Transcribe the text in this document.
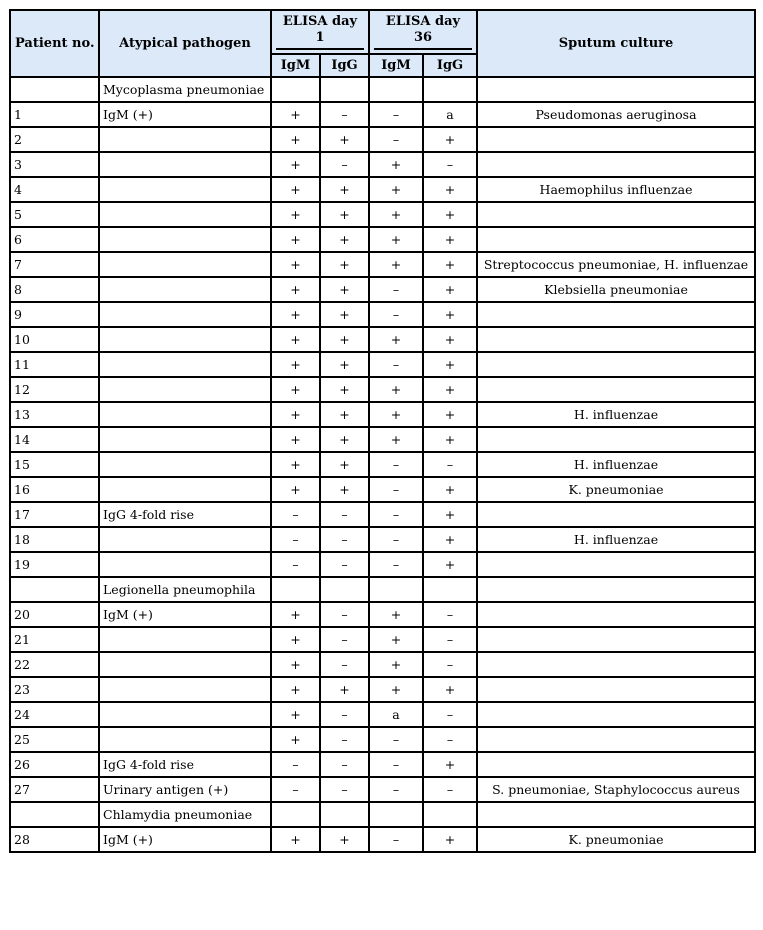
Patient no.	Atypical pathogen	ELISA day 1		ELISA day 36		Sputum culture
		IgM	IgG	IgM	IgG	
	Mycoplasma pneumoniae					
1	IgM (+)	+	–	–	a	Pseudomonas aeruginosa
2		+	+	–	+	
3		+	–	+	–	
4		+	+	+	+	Haemophilus influenzae
5		+	+	+	+	
6		+	+	+	+	
7		+	+	+	+	Streptococcus pneumoniae, H. influenzae
8		+	+	–	+	Klebsiella pneumoniae
9		+	+	–	+	
10		+	+	+	+	
11		+	+	–	+	
12		+	+	+	+	
13		+	+	+	+	H. influenzae
14		+	+	+	+	
15		+	+	–	–	H. influenzae
16		+	+	–	+	K. pneumoniae
17	IgG 4-fold rise	–	–	–	+	
18		–	–	–	+	H. influenzae
19		–	–	–	+	
	Legionella pneumophila					
20	IgM (+)	+	–	+	–	
21		+	–	+	–	
22		+	–	+	–	
23		+	+	+	+	
24		+	–	a	–	
25		+	–	–	–	
26	IgG 4-fold rise	–	–	–	+	
27	Urinary antigen (+)	–	–	–	–	S. pneumoniae, Staphylococcus aureus
	Chlamydia pneumoniae					
28	IgM (+)	+	+	–	+	K. pneumoniae
